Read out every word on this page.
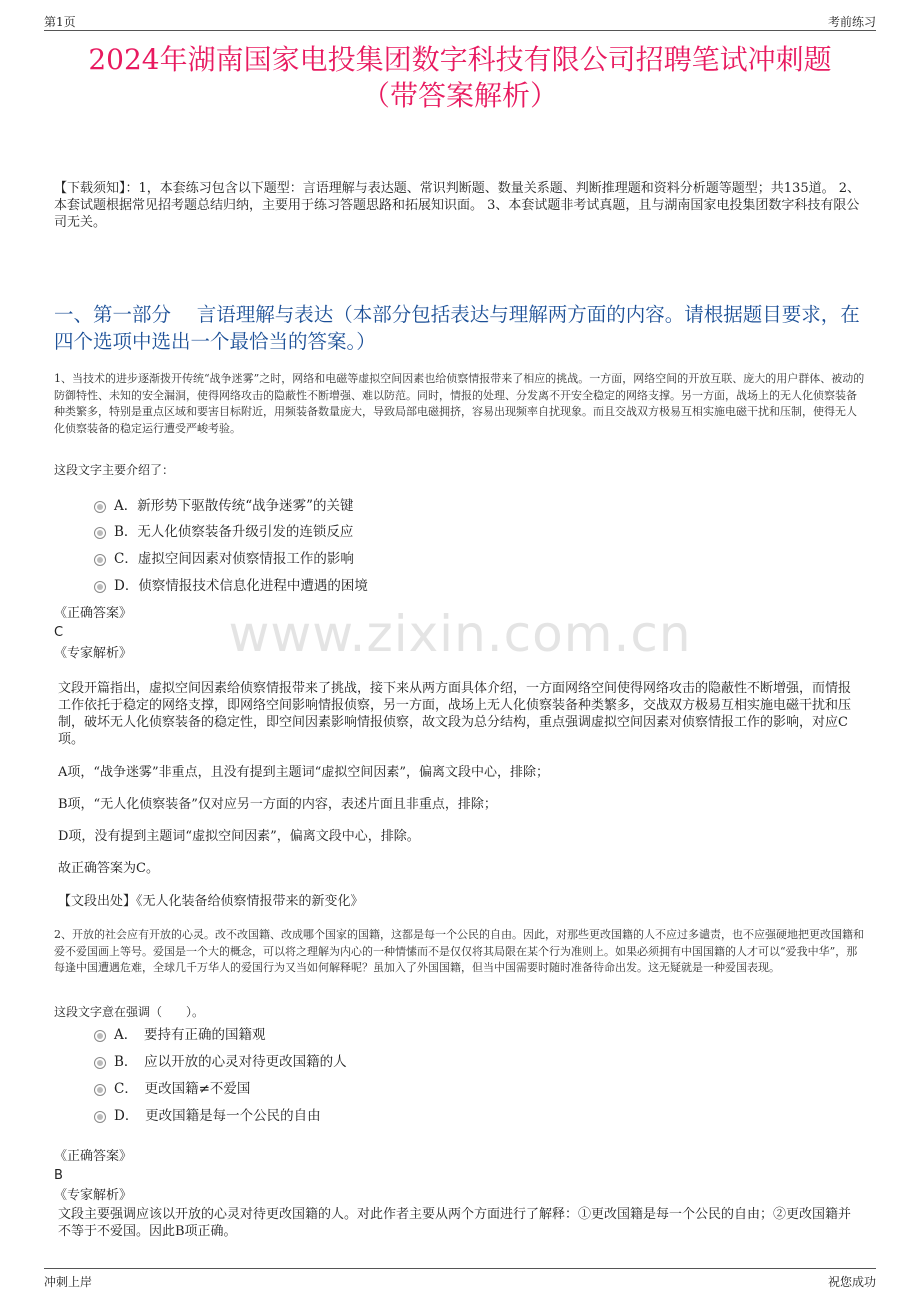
第1页	考前练习
www.zixin.com.cn
2024年湖南国家电投集团数字科技有限公司招聘笔试冲刺题
（带答案解析）
【下载须知】：1，本套练习包含以下题型：言语理解与表达题、常识判断题、数量关系题、判断推理题和资料分析题等题型；共135道。 2、本套试题根据常见招考题总结归纳，主要用于练习答题思路和拓展知识面。 3、本套试题非考试真题，且与湖南国家电投集团数字科技有限公司无关。
一、第一部分　 言语理解与表达（本部分包括表达与理解两方面的内容。请根据题目要求，在四个选项中选出一个最恰当的答案。）
1、当技术的进步逐渐拨开传统“战争迷雾”之时，网络和电磁等虚拟空间因素也给侦察情报带来了相应的挑战。一方面，网络空间的开放互联、庞大的用户群体、被动的防御特性、未知的安全漏洞，使得网络攻击的隐蔽性不断增强、难以防范。同时，情报的处理、分发离不开安全稳定的网络支撑。另一方面，战场上的无人化侦察装备种类繁多，特别是重点区域和要害目标附近，用频装备数量庞大，导致局部电磁拥挤，容易出现频率自扰现象。而且交战双方极易互相实施电磁干扰和压制，使得无人化侦察装备的稳定运行遭受严峻考验。
这段文字主要介绍了：
A．新形势下驱散传统“战争迷雾”的关键
B．无人化侦察装备升级引发的连锁反应
C．虚拟空间因素对侦察情报工作的影响
D．侦察情报技术信息化进程中遭遇的困境
《正确答案》
C
《专家解析》
文段开篇指出，虚拟空间因素给侦察情报带来了挑战，接下来从两方面具体介绍，一方面网络空间使得网络攻击的隐蔽性不断增强，而情报工作依托于稳定的网络支撑，即网络空间影响情报侦察，另一方面，战场上无人化侦察装备种类繁多，交战双方极易互相实施电磁干扰和压制，破坏无人化侦察装备的稳定性，即空间因素影响情报侦察，故文段为总分结构，重点强调虚拟空间因素对侦察情报工作的影响，对应C项。
A项，“战争迷雾”非重点，且没有提到主题词“虚拟空间因素”，偏离文段中心，排除；
B项，“无人化侦察装备”仅对应另一方面的内容，表述片面且非重点，排除；
D项，没有提到主题词“虚拟空间因素”，偏离文段中心，排除。
故正确答案为C。
【文段出处】《无人化装备给侦察情报带来的新变化》
2、开放的社会应有开放的心灵。改不改国籍、改成哪个国家的国籍，这都是每一个公民的自由。因此，对那些更改国籍的人不应过多谴责，也不应强硬地把更改国籍和爱不爱国画上等号。爱国是一个大的概念，可以将之理解为内心的一种情愫而不是仅仅将其局限在某个行为准则上。如果必须拥有中国国籍的人才可以“爱我中华”，那每逢中国遭遇危难，全球几千万华人的爱国行为又当如何解释呢？虽加入了外国国籍，但当中国需要时随时准备待命出发。这无疑就是一种爱国表现。
这段文字意在强调（　　）。
A．　要持有正确的国籍观
B．　应以开放的心灵对待更改国籍的人
C．　更改国籍≠不爱国
D．　更改国籍是每一个公民的自由
《正确答案》
B
《专家解析》
文段主要强调应该以开放的心灵对待更改国籍的人。对此作者主要从两个方面进行了解释：①更改国籍是每一个公民的自由；②更改国籍并不等于不爱国。因此B项正确。
冲刺上岸	祝您成功
